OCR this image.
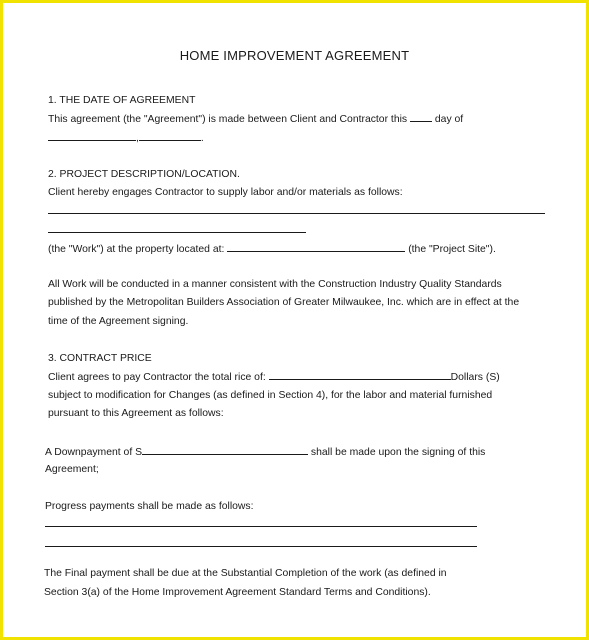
HOME IMPROVEMENT AGREEMENT
1. THE DATE OF AGREEMENT
This agreement (the "Agreement") is made between Client and Contractor this	day of
,	.
2. PROJECT DESCRIPTION/LOCATION.
Client hereby engages Contractor to supply labor and/or materials as follows:
(the "Work") at the property located at:	(the "Project Site").
All Work will be conducted in a manner consistent with the Construction Industry Quality Standards
published by the Metropolitan Builders Association of Greater Milwaukee, Inc. which are in effect at the
time of the Agreement signing.
3. CONTRACT PRICE
Client agrees to pay Contractor the total rice of:	Dollars (S)
subject to modification for Changes (as defined in Section 4), for the labor and material furnished
pursuant to this Agreement as follows:
A Downpayment of S	shall be made upon the signing of this
Agreement;
Progress payments shall be made as follows:
The Final payment shall be due at the Substantial Completion of the work (as defined in
Section 3(a) of the Home Improvement Agreement Standard Terms and Conditions).
